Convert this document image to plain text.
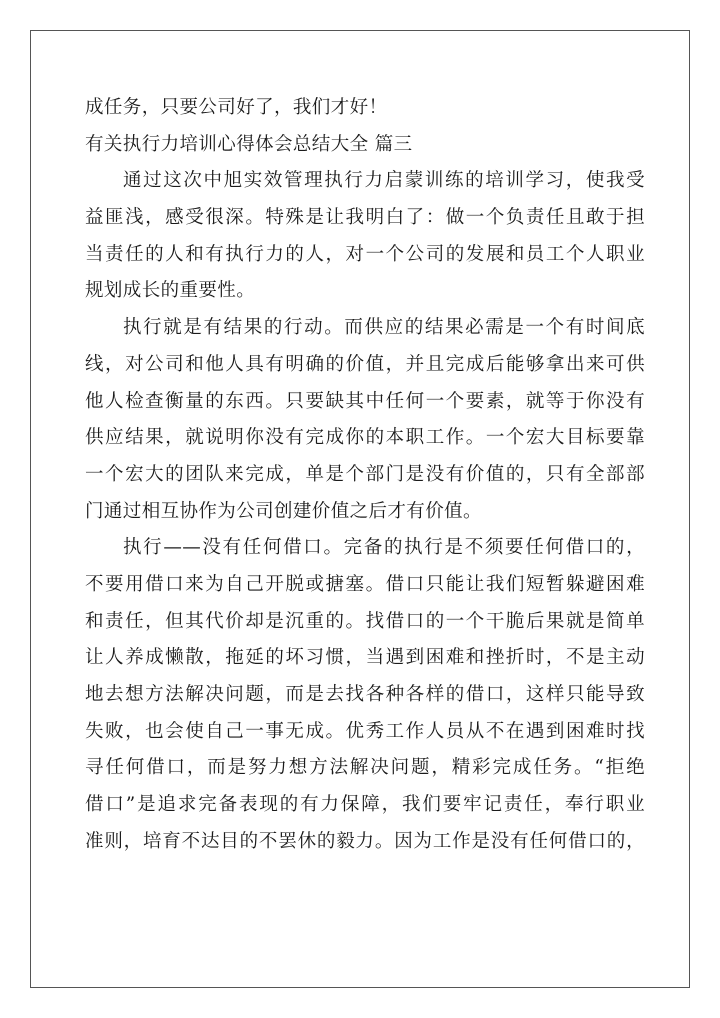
成任务，只要公司好了，我们才好！
有关执行力培训心得体会总结大全 篇三
通过这次中旭实效管理执行力启蒙训练的培训学习，使我受
益匪浅，感受很深。特殊是让我明白了：做一个负责任且敢于担
当责任的人和有执行力的人，对一个公司的发展和员工个人职业
规划成长的重要性。
执行就是有结果的行动。而供应的结果必需是一个有时间底
线，对公司和他人具有明确的价值，并且完成后能够拿出来可供
他人检查衡量的东西。只要缺其中任何一个要素，就等于你没有
供应结果，就说明你没有完成你的本职工作。一个宏大目标要靠
一个宏大的团队来完成，单是个部门是没有价值的，只有全部部
门通过相互协作为公司创建价值之后才有价值。
执行——没有任何借口。完备的执行是不须要任何借口的，
不要用借口来为自己开脱或搪塞。借口只能让我们短暂躲避困难
和责任，但其代价却是沉重的。找借口的一个干脆后果就是简单
让人养成懒散，拖延的坏习惯，当遇到困难和挫折时，不是主动
地去想方法解决问题，而是去找各种各样的借口，这样只能导致
失败，也会使自己一事无成。优秀工作人员从不在遇到困难时找
寻任何借口，而是努力想方法解决问题，精彩完成任务。“拒绝
借口”是追求完备表现的有力保障，我们要牢记责任，奉行职业
准则，培育不达目的不罢休的毅力。因为工作是没有任何借口的，
